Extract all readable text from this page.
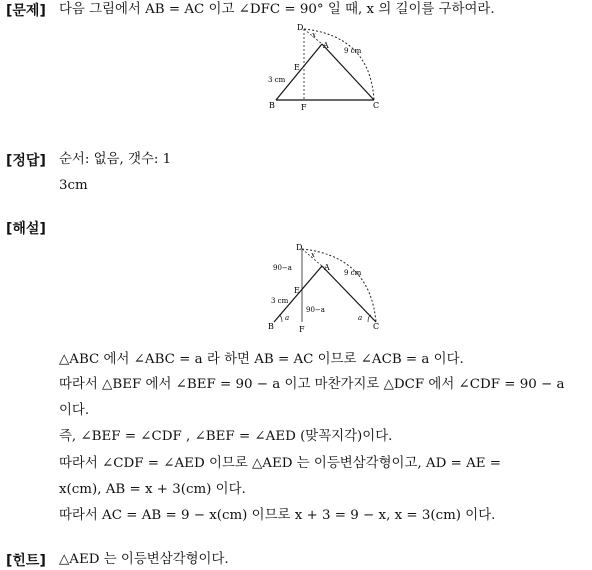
[문제] 다음 그림에서 AB = AC 이고 ∠DFC = 90° 일 때, x 의 길이를 구하여라.
D
A
E
B	F	C
x
9 cm
3 cm
[정답] 순서: 없음, 갯수: 1
3cm
[해설]
D
A
E
B	F	C
x
9 cm
3 cm
90−a
90−a
a	a
△ABC 에서 ∠ABC = a 라 하면 AB = AC 이므로 ∠ACB = a 이다.
따라서 △BEF 에서 ∠BEF = 90 − a 이고 마찬가지로 △DCF 에서 ∠CDF = 90 − a
이다.
즉, ∠BEF = ∠CDF , ∠BEF = ∠AED (맞꼭지각)이다.
따라서 ∠CDF = ∠AED 이므로 △AED 는 이등변삼각형이고, AD = AE =
x(cm), AB = x + 3(cm) 이다.
따라서 AC = AB = 9 − x(cm) 이므로 x + 3 = 9 − x, x = 3(cm) 이다.
[힌트] △AED 는 이등변삼각형이다.
